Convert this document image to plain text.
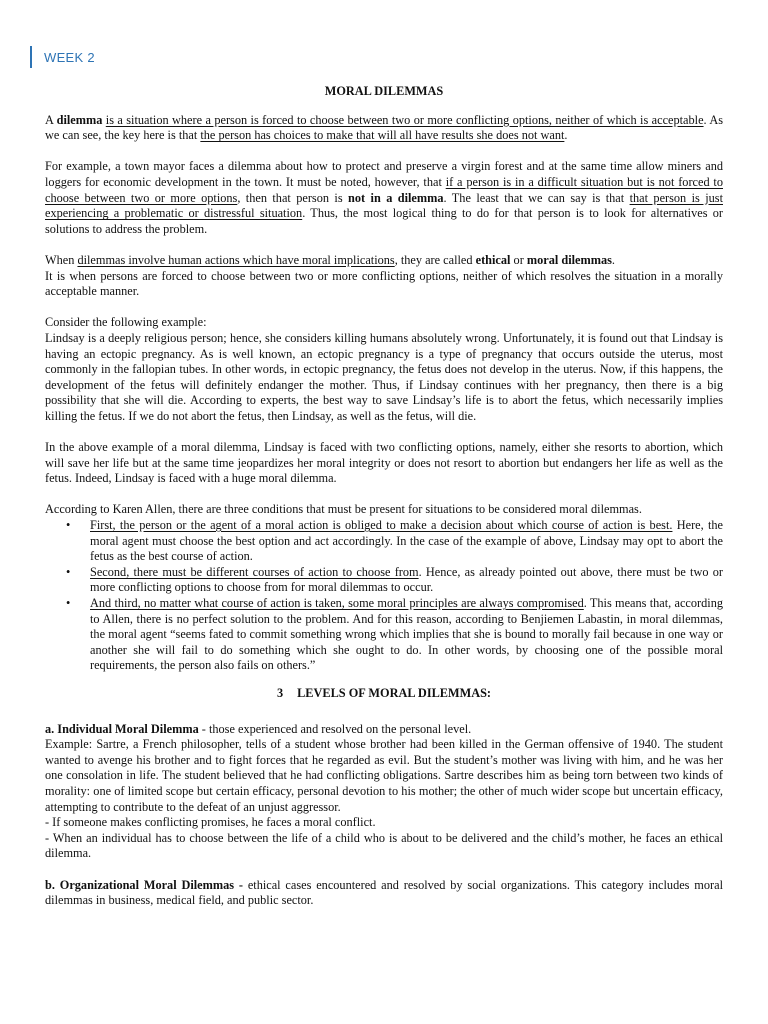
WEEK 2
MORAL DILEMMAS

A dilemma is a situation where a person is forced to choose between two or more conflicting options, neither of which is acceptable. As we can see, the key here is that the person has choices to make that will all have results she does not want.

For example, a town mayor faces a dilemma about how to protect and preserve a virgin forest and at the same time allow miners and loggers for economic development in the town. It must be noted, however, that if a person is in a difficult situation but is not forced to choose between two or more options, then that person is not in a dilemma. The least that we can say is that that person is just experiencing a problematic or distressful situation. Thus, the most logical thing to do for that person is to look for alternatives or solutions to address the problem.

When dilemmas involve human actions which have moral implications, they are called ethical or moral dilemmas.
It is when persons are forced to choose between two or more conflicting options, neither of which resolves the situation in a morally acceptable manner.

Consider the following example:

Lindsay is a deeply religious person; hence, she considers killing humans absolutely wrong. Unfortunately, it is found out that Lindsay is having an ectopic pregnancy. As is well known, an ectopic pregnancy is a type of pregnancy that occurs outside the uterus, most commonly in the fallopian tubes. In other words, in ectopic pregnancy, the fetus does not develop in the uterus. Now, if this happens, the development of the fetus will definitely endanger the mother. Thus, if Lindsay continues with her pregnancy, then there is a big possibility that she will die. According to experts, the best way to save Lindsay’s life is to abort the fetus, which necessarily implies killing the fetus. If we do not abort the fetus, then Lindsay, as well as the fetus, will die.

In the above example of a moral dilemma, Lindsay is faced with two conflicting options, namely, either she resorts to abortion, which will save her life but at the same time jeopardizes her moral integrity or does not resort to abortion but endangers her life as well as the fetus. Indeed, Lindsay is faced with a huge moral dilemma.

According to Karen Allen, there are three conditions that must be present for situations to be considered moral dilemmas.

• First, the person or the agent of a moral action is obliged to make a decision about which course of action is best. Here, the moral agent must choose the best option and act accordingly. In the case of the example of above, Lindsay may opt to abort the fetus as the best course of action.
• Second, there must be different courses of action to choose from. Hence, as already pointed out above, there must be two or more conflicting options to choose from for moral dilemmas to occur.
• And third, no matter what course of action is taken, some moral principles are always compromised. This means that, according to Allen, there is no perfect solution to the problem. And for this reason, according to Benjiemen Labastin, in moral dilemmas, the moral agent “seems fated to commit something wrong which implies that she is bound to morally fail because in one way or another she will fail to do something which she ought to do. In other words, by choosing one of the possible moral requirements, the person also fails on others.”
3 LEVELS OF MORAL DILEMMAS:

a. Individual Moral Dilemma - those experienced and resolved on the personal level.
Example: Sartre, a French philosopher, tells of a student whose brother had been killed in the German offensive of 1940. The student wanted to avenge his brother and to fight forces that he regarded as evil. But the student’s mother was living with him, and he was her one consolation in life. The student believed that he had conflicting obligations. Sartre describes him as being torn between two kinds of morality: one of limited scope but certain efficacy, personal devotion to his mother; the other of much wider scope but uncertain efficacy, attempting to contribute to the defeat of an unjust aggressor.
- If someone makes conflicting promises, he faces a moral conflict.
- When an individual has to choose between the life of a child who is about to be delivered and the child’s mother, he faces an ethical dilemma.

b. Organizational Moral Dilemmas - ethical cases encountered and resolved by social organizations. This category includes moral dilemmas in business, medical field, and public sector.
